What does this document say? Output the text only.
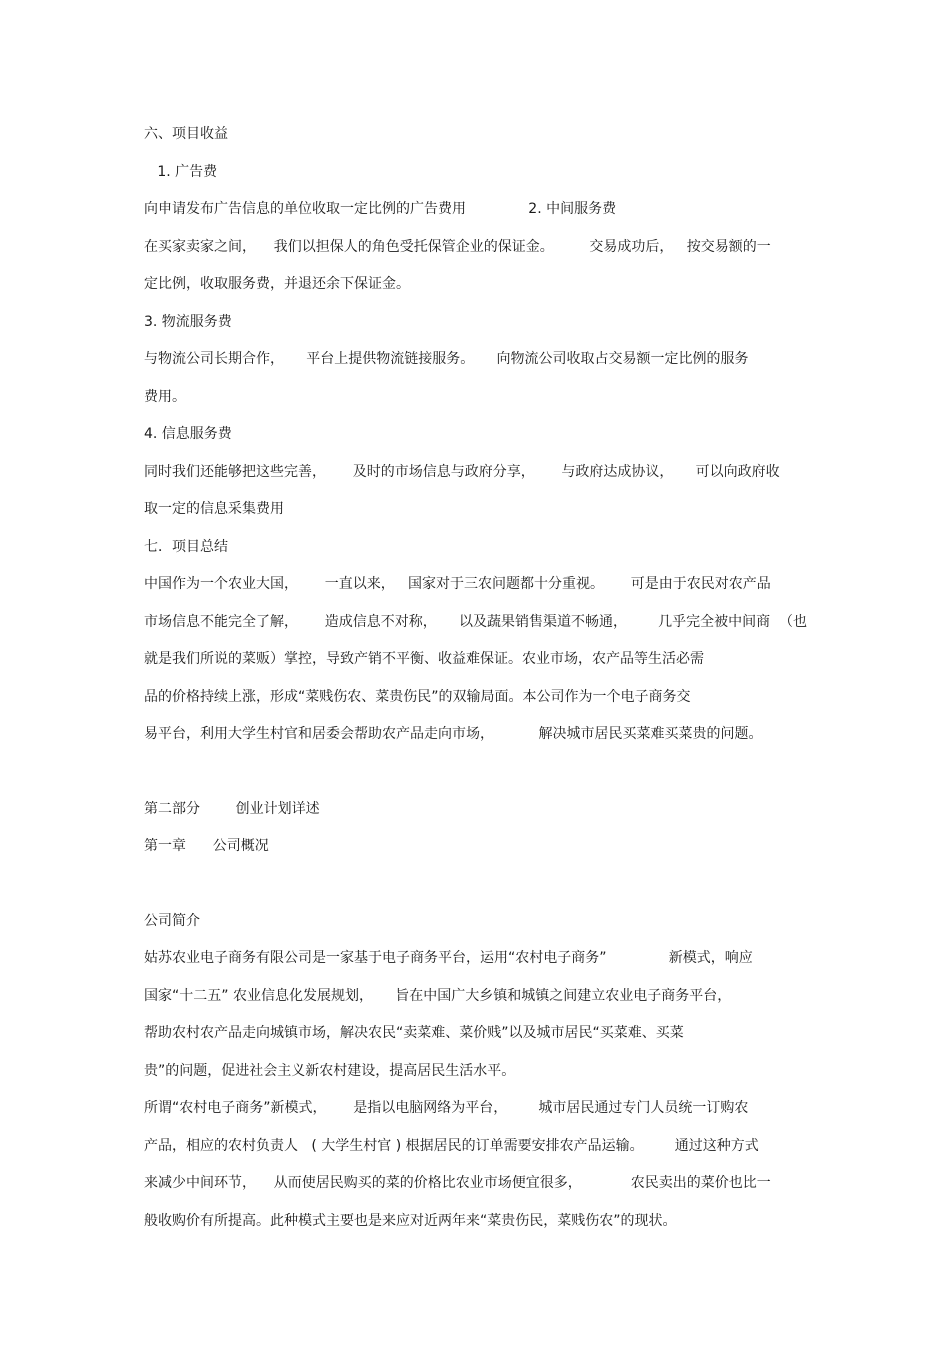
六、项目收益
1. 广告费
向申请发布广告信息的单位收取一定比例的广告费用              2. 中间服务费
在买家卖家之间，    我们以担保人的角色受托保管企业的保证金。        交易成功后，   按交易额的一
定比例，收取服务费，并退还余下保证金。
3. 物流服务费
与物流公司长期合作，     平台上提供物流链接服务。     向物流公司收取占交易额一定比例的服务
费用。
4. 信息服务费
同时我们还能够把这些完善，      及时的市场信息与政府分享，      与政府达成协议，     可以向政府收
取一定的信息采集费用
七．项目总结
中国作为一个农业大国，      一直以来，   国家对于三农问题都十分重视。      可是由于农民对农产品
市场信息不能完全了解，      造成信息不对称，     以及蔬果销售渠道不畅通，       几乎完全被中间商  （也
就是我们所说的菜贩）掌控，导致产销不平衡、收益难保证。农业市场，农产品等生活必需
品的价格持续上涨，形成“菜贱伤农、菜贵伤民”的双输局面。本公司作为一个电子商务交
易平台，利用大学生村官和居委会帮助农产品走向市场，          解决城市居民买菜难买菜贵的问题。
第二部分        创业计划详述
第一章      公司概况
公司简介
姑苏农业电子商务有限公司是一家基于电子商务平台，运用“农村电子商务”              新模式，响应
国家“十二五” 农业信息化发展规划，     旨在中国广大乡镇和城镇之间建立农业电子商务平台，
帮助农村农产品走向城镇市场，解决农民“卖菜难、菜价贱”以及城市居民“买菜难、买菜
贵”的问题，促进社会主义新农村建设，提高居民生活水平。
所谓“农村电子商务”新模式，      是指以电脑网络为平台，       城市居民通过专门人员统一订购农
产品，相应的农村负责人   ( 大学生村官 ) 根据居民的订单需要安排农产品运输。       通过这种方式
来减少中间环节，    从而使居民购买的菜的价格比农业市场便宜很多，           农民卖出的菜价也比一
般收购价有所提高。此种模式主要也是来应对近两年来“菜贵伤民，菜贱伤农”的现状。
